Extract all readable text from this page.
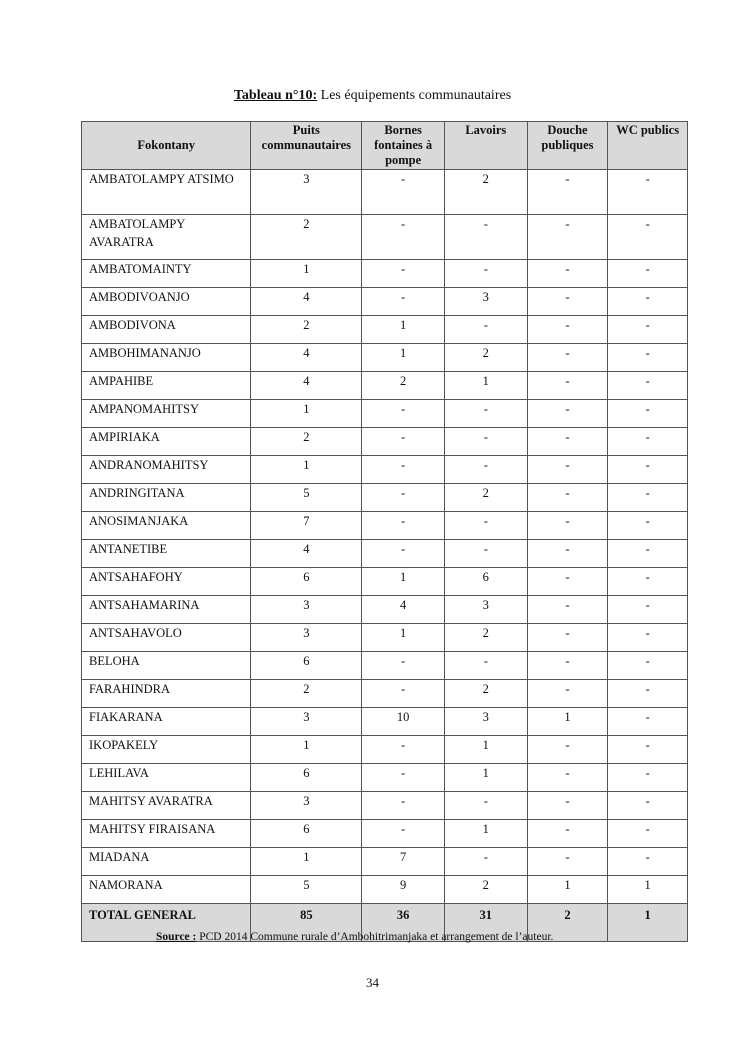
Tableau n°10: Les équipements communautaires
Fokontany	Puits communautaires	Bornes fontaines à pompe	Lavoirs	Douche publiques	WC publics
AMBATOLAMPY ATSIMO	3	-	2	-	-
AMBATOLAMPY AVARATRA	2	-	-	-	-
AMBATOMAINTY	1	-	-	-	-
AMBODIVOANJO	4	-	3	-	-
AMBODIVONA	2	1	-	-	-
AMBOHIMANANJO	4	1	2	-	-
AMPAHIBE	4	2	1	-	-
AMPANOMAHITSY	1	-	-	-	-
AMPIRIAKA	2	-	-	-	-
ANDRANOMAHITSY	1	-	-	-	-
ANDRINGITANA	5	-	2	-	-
ANOSIMANJAKA	7	-	-	-	-
ANTANETIBE	4	-	-	-	-
ANTSAHAFOHY	6	1	6	-	-
ANTSAHAMARINA	3	4	3	-	-
ANTSAHAVOLO	3	1	2	-	-
BELOHA	6	-	-	-	-
FARAHINDRA	2	-	2	-	-
FIAKARANA	3	10	3	1	-
IKOPAKELY	1	-	1	-	-
LEHILAVA	6	-	1	-	-
MAHITSY AVARATRA	3	-	-	-	-
MAHITSY FIRAISANA	6	-	1	-	-
MIADANA	1	7	-	-	-
NAMORANA	5	9	2	1	1
TOTAL GENERAL	85	36	31	2	1
Source : PCD 2014 Commune rurale d’Ambohitrimanjaka et arrangement de l’auteur.
34
